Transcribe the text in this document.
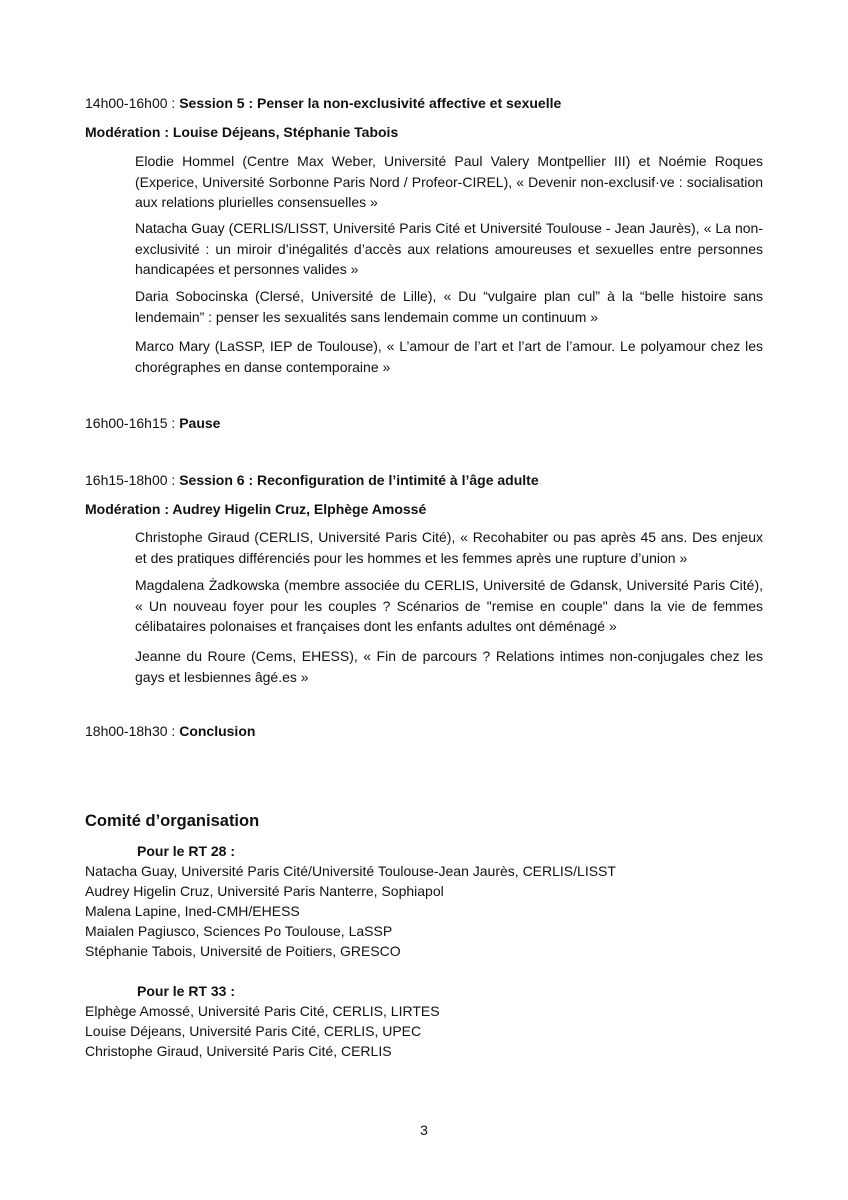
14h00-16h00 : Session 5 : Penser la non-exclusivité affective et sexuelle
Modération : Louise Déjeans, Stéphanie Tabois
Elodie Hommel (Centre Max Weber, Université Paul Valery Montpellier III) et Noémie Roques (Experice, Université Sorbonne Paris Nord / Profeor-CIREL), « Devenir non-exclusif·ve : socialisation aux relations plurielles consensuelles »
Natacha Guay (CERLIS/LISST, Université Paris Cité et Université Toulouse - Jean Jaurès), « La non-exclusivité : un miroir d’inégalités d’accès aux relations amoureuses et sexuelles entre personnes handicapées et personnes valides »
Daria Sobocinska (Clersé, Université de Lille), « Du “vulgaire plan cul” à la “belle histoire sans lendemain” : penser les sexualités sans lendemain comme un continuum »
Marco Mary (LaSSP, IEP de Toulouse), « L’amour de l’art et l’art de l’amour. Le polyamour chez les chorégraphes en danse contemporaine »
16h00-16h15 : Pause
16h15-18h00 : Session 6 : Reconfiguration de l’intimité à l’âge adulte
Modération : Audrey Higelin Cruz, Elphège Amossé
Christophe Giraud (CERLIS, Université Paris Cité), « Recohabiter ou pas après 45 ans. Des enjeux et des pratiques différenciés pour les hommes et les femmes après une rupture d’union »
Magdalena Żadkowska (membre associée du CERLIS, Université de Gdansk, Université Paris Cité), « Un nouveau foyer pour les couples ? Scénarios de "remise en couple" dans la vie de femmes célibataires polonaises et françaises dont les enfants adultes ont déménagé »
Jeanne du Roure (Cems, EHESS), « Fin de parcours ? Relations intimes non-conjugales chez les gays et lesbiennes âgé.es »
18h00-18h30 : Conclusion
Comité d’organisation
Pour le RT 28 :
Natacha Guay, Université Paris Cité/Université Toulouse-Jean Jaurès, CERLIS/LISST
Audrey Higelin Cruz, Université Paris Nanterre, Sophiapol
Malena Lapine, Ined-CMH/EHESS
Maialen Pagiusco, Sciences Po Toulouse, LaSSP
Stéphanie Tabois, Université de Poitiers, GRESCO
Pour le RT 33 :
Elphège Amossé, Université Paris Cité, CERLIS, LIRTES
Louise Déjeans, Université Paris Cité, CERLIS, UPEC
Christophe Giraud, Université Paris Cité, CERLIS
3
